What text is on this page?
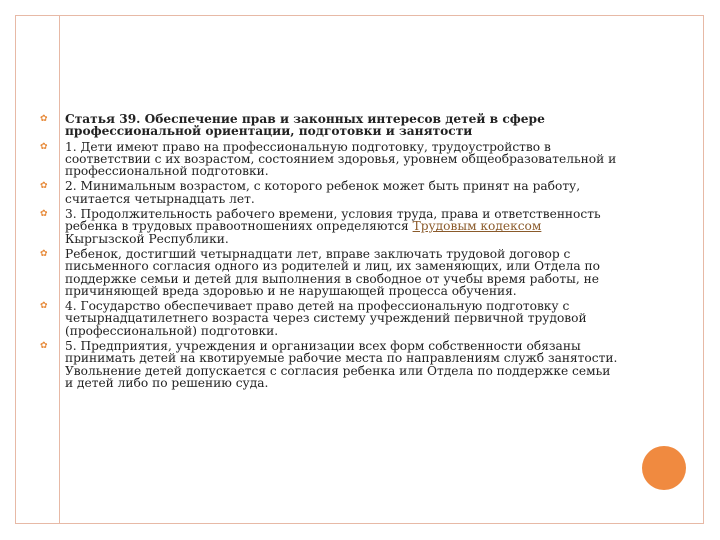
✿ Статья 39. Обеспечение прав и законных интересов детей в сфере
профессиональной ориентации, подготовки и занятости
✿ 1. Дети имеют право на профессиональную подготовку, трудоустройство в соответствии с их возрастом, состоянием здоровья, уровнем общеобразовательной и профессиональной подготовки.
✿ 2. Минимальным возрастом, с которого ребенок может быть принят на работу, считается четырнадцать лет.
✿ 3. Продолжительность рабочего времени, условия труда, права и ответственность ребенка в трудовых правоотношениях определяются Трудовым кодексом Кыргызской Республики.
✿ Ребенок, достигший четырнадцати лет, вправе заключать трудовой договор с письменного согласия одного из родителей и лиц, их заменяющих, или Отдела по поддержке семьи и детей для выполнения в свободное от учебы время работы, не причиняющей вреда здоровью и не нарушающей процесса обучения.
✿ 4. Государство обеспечивает право детей на профессиональную подготовку с четырнадцатилетнего возраста через систему учреждений первичной трудовой (профессиональной) подготовки.
✿ 5. Предприятия, учреждения и организации всех форм собственности обязаны принимать детей на квотируемые рабочие места по направлениям служб занятости. Увольнение детей допускается с согласия ребенка или Отдела по поддержке семьи и детей либо по решению суда.
